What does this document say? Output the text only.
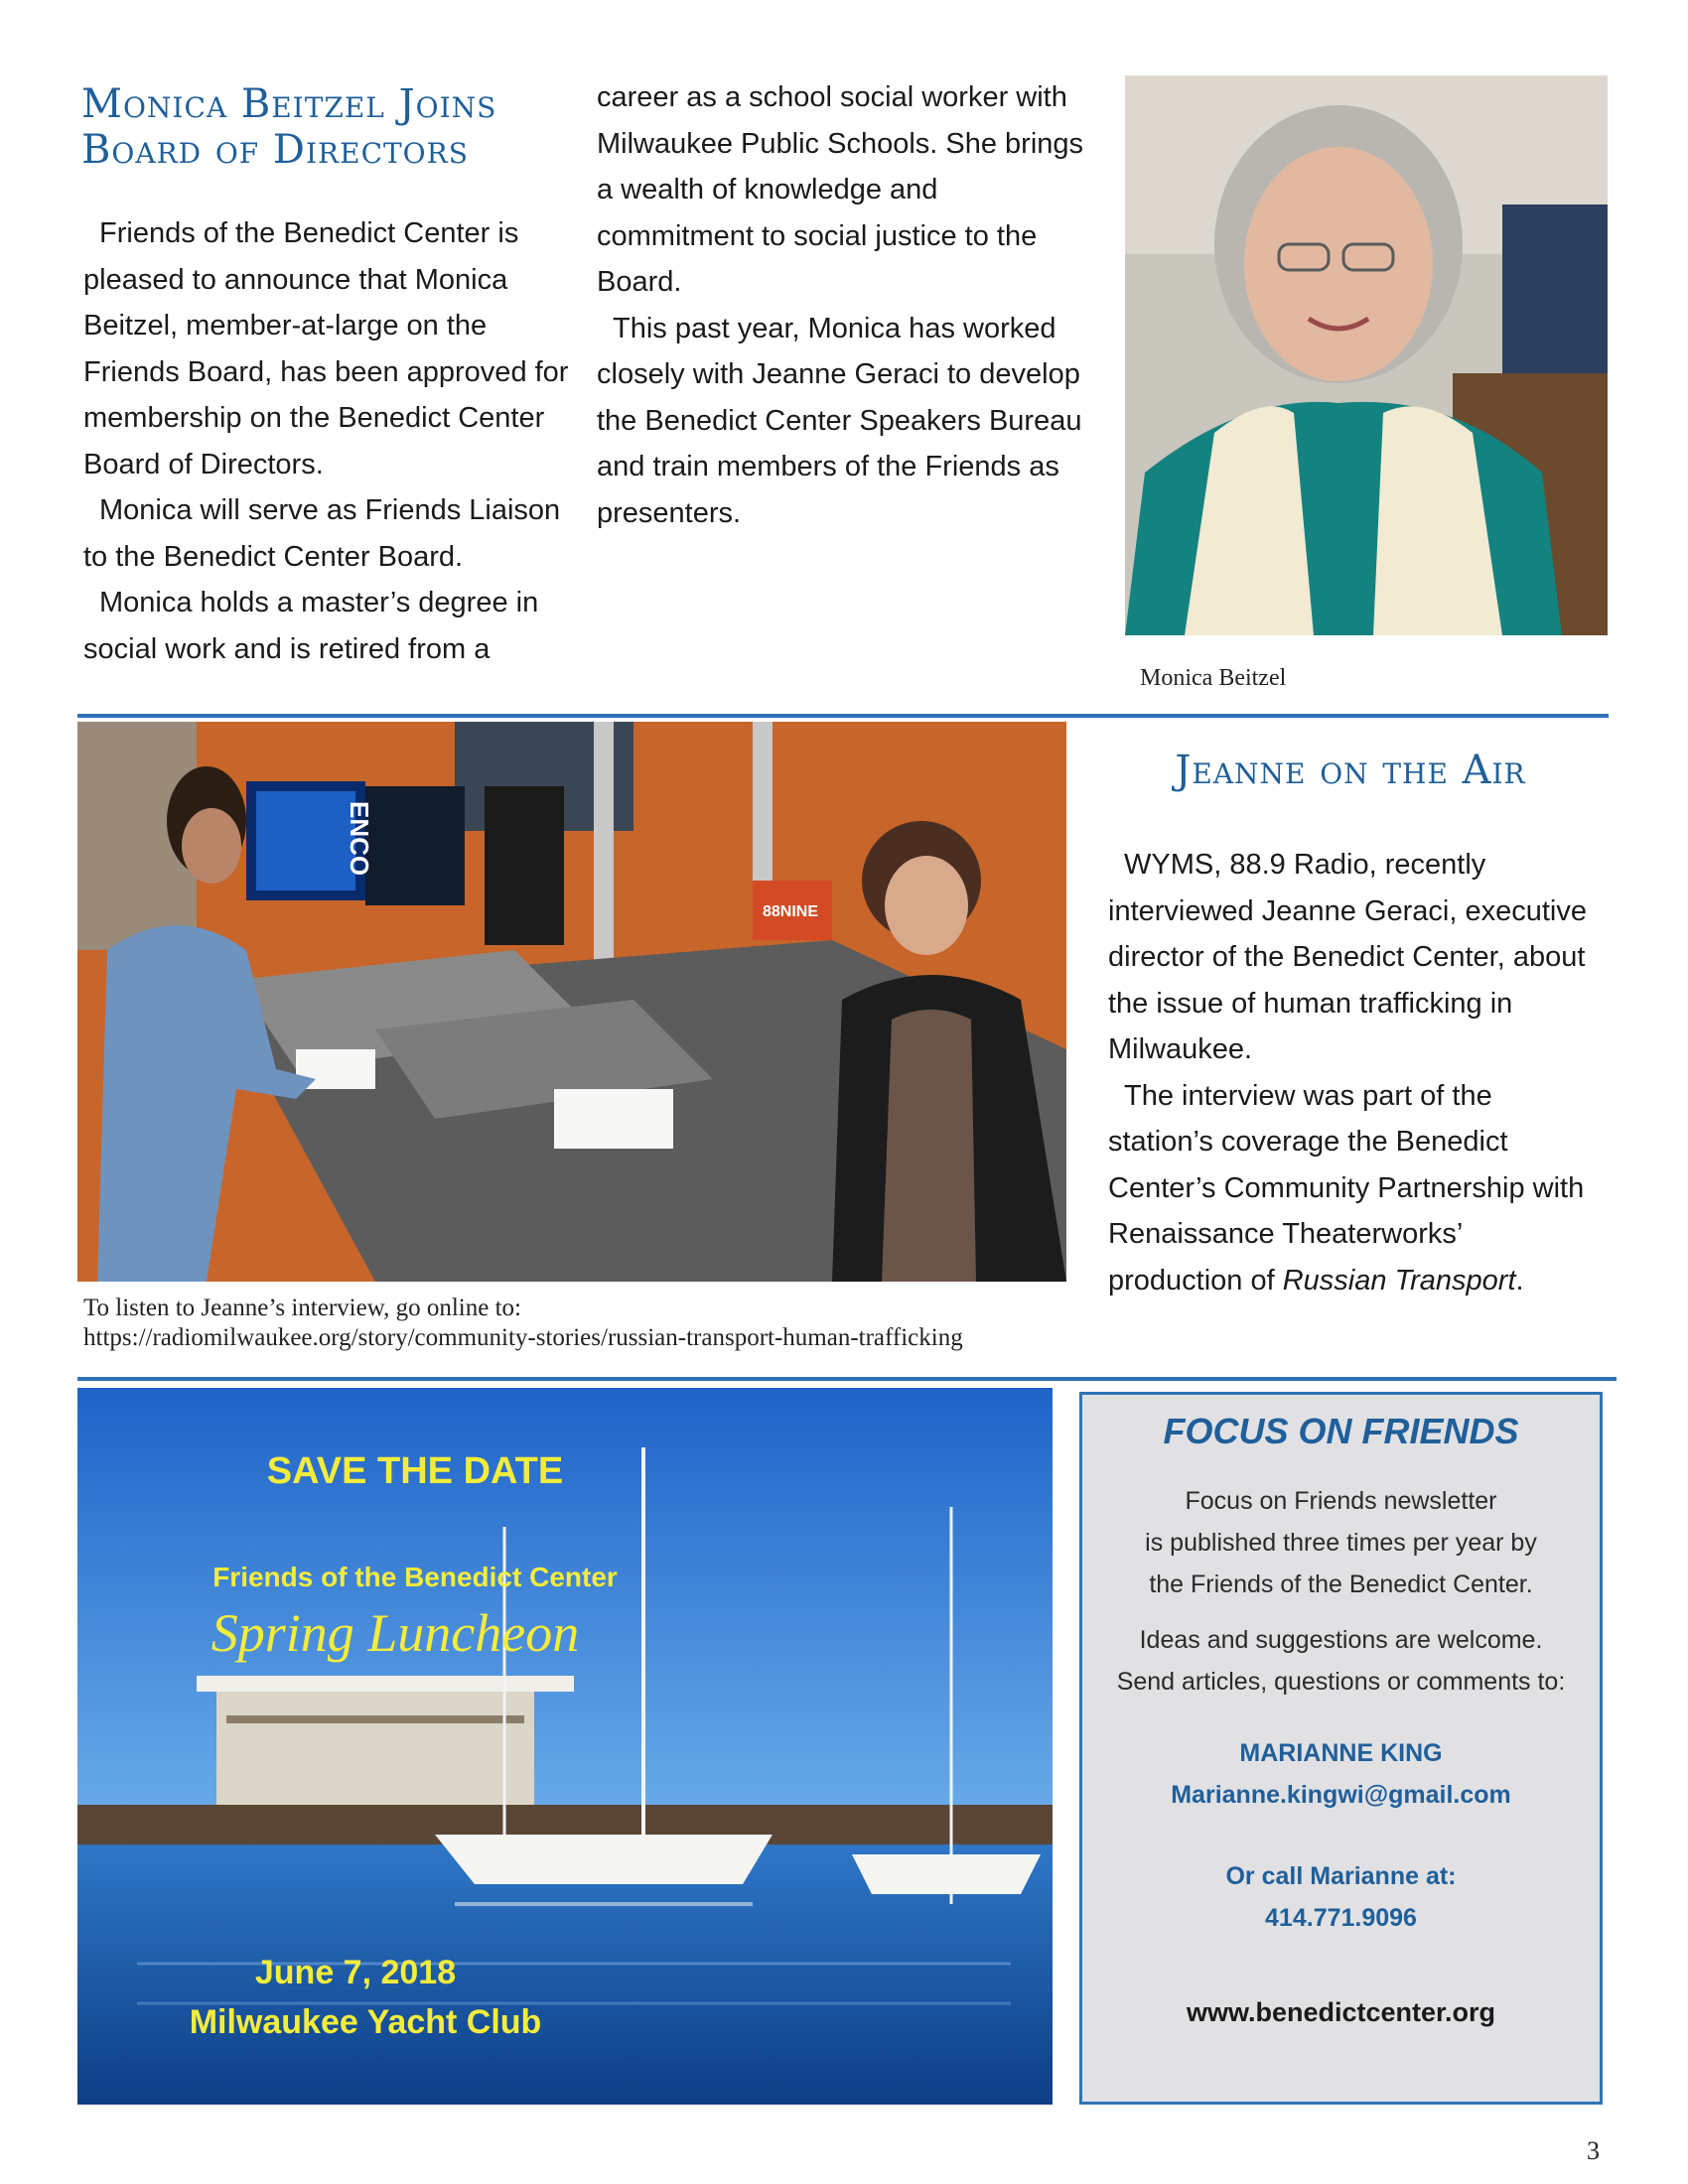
Monica Beitzel Joins
Board of Directors

Friends of the Benedict Center is pleased to announce that Monica Beitzel, member-at-large on the Friends Board, has been approved for membership on the Benedict Center Board of Directors.

Monica will serve as Friends Liaison to the Benedict Center Board.

Monica holds a master’s degree in social work and is retired from a

career as a school social worker with Milwaukee Public Schools. She brings a wealth of knowledge and commitment to social justice to the Board.

This past year, Monica has worked closely with Jeanne Geraci to develop the Benedict Center Speakers Bureau and train members of the Friends as presenters.

Monica Beitzel
ENCO
88NINE
Jeanne on the Air

WYMS, 88.9 Radio, recently interviewed Jeanne Geraci, executive director of the Benedict Center, about the issue of human trafficking in Milwaukee.

The interview was part of the station’s coverage the Benedict Center’s Community Partnership with Renaissance Theaterworks’ production of Russian Transport.

To listen to Jeanne’s interview, go online to:
https://radiomilwaukee.org/story/community-stories/russian-transport-human-trafficking
SAVE THE DATE
Friends of the Benedict Center
Spring Luncheon
June 7, 2018
Milwaukee Yacht Club
FOCUS ON FRIENDS
Focus on Friends newsletter
is published three times per year by
the Friends of the Benedict Center.
Ideas and suggestions are welcome.
Send articles, questions or comments to:
MARIANNE KING
Marianne.kingwi@gmail.com
Or call Marianne at:
414.771.9096
www.benedictcenter.org
3
